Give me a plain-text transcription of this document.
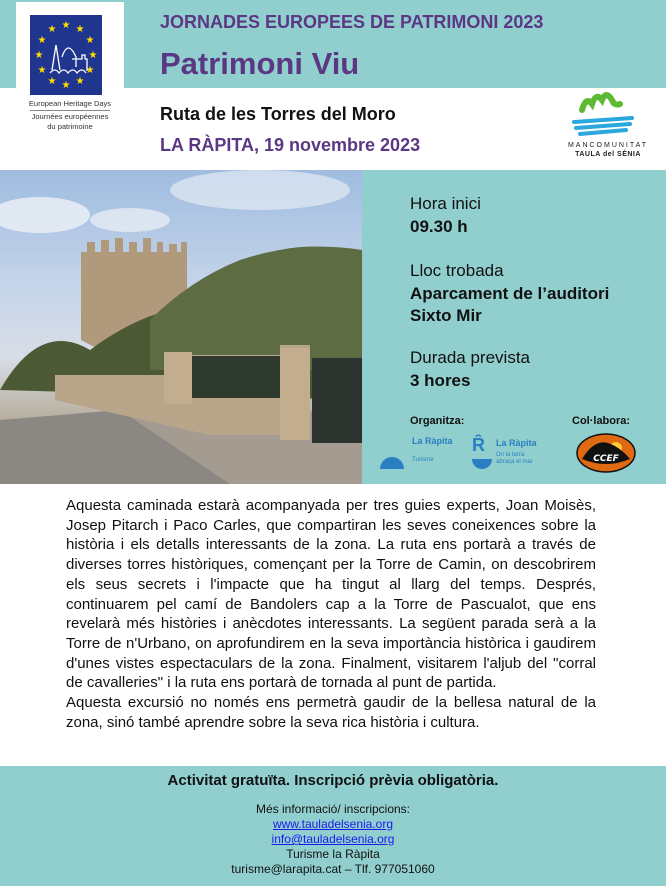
★ ★
★
★
★
★
★
★
★
★
★
★
European Heritage Days
Journées européennes
du patrimoine
JORNADES EUROPEES DE PATRIMONI 2023
Patrimoni Viu
Ruta de les Torres del Moro
LA RÀPITA, 19 novembre 2023	MANCOMUNITAT
TAULA del SÉNIA
Hora inici
09.30 h
Lloc trobada
Aparcament de l’auditori
Sixto Mir
Durada prevista
3 hores
Organitza:	Col·labora:
La Ràpita
Turisme
Ȓ La Ràpita
On la terra
abraça el mar	CCEF

Aquesta caminada estarà acompanyada per tres guies experts, Joan Moisès, Josep Pitarch i Paco Carles, que compartiran les seves coneixences sobre la història i els detalls interessants de la zona. La ruta ens portarà a través de diverses torres històriques, començant per la Torre de Camin, on descobrirem els seus secrets i l'impacte que ha tingut al llarg del temps. Després, continuarem pel camí de Bandolers cap a la Torre de Pascualot, que ens revelarà més històries i anècdotes interessants. La següent parada serà a la Torre de n'Urbano, on aprofundirem en la seva importància històrica i gaudirem d'unes vistes espectaculars de la zona. Finalment, visitarem l'aljub del "corral de cavalleries" i la ruta ens portarà de tornada al punt de partida.

Aquesta excursió no només ens permetrà gaudir de la bellesa natural de la zona, sinó també aprendre sobre la seva rica història i cultura.

Activitat gratuïta. Inscripció prèvia obligatòria.
Més informació/ inscripcions:
www.tauladelsenia.org
info@tauladelsenia.org
Turisme la Ràpita
turisme@larapita.cat – Tlf. 977051060
